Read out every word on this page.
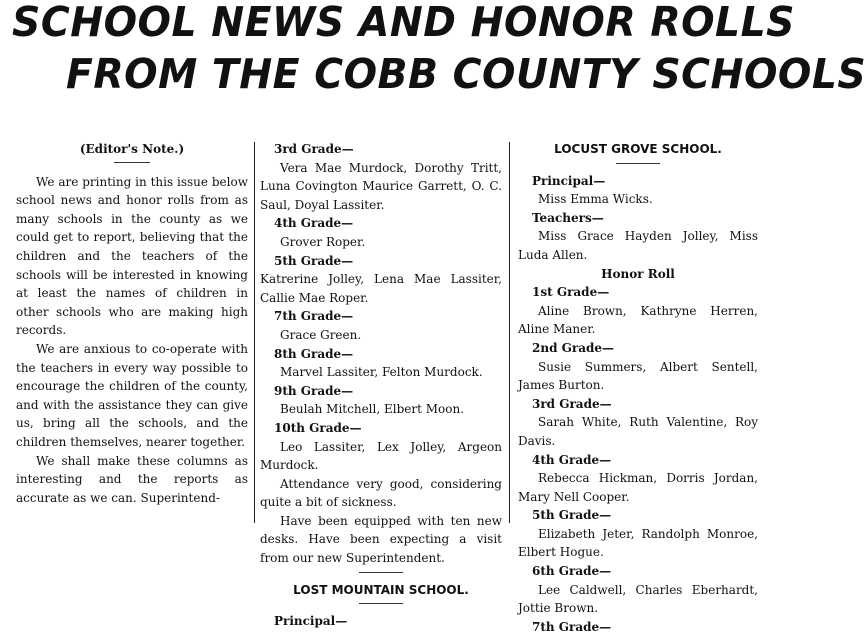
SCHOOL NEWS AND HONOR ROLLS
FROM THE COBB COUNTY SCHOOLS
(Editor's Note.)

We are printing in this issue below school news and honor rolls from as many schools in the county as we could get to report, believing that the children and the teachers of the schools will be interested in knowing at least the names of children in other schools who are making high records.

We are anxious to co-operate with the teachers in every way possible to encourage the children of the county, and with the assistance they can give us, bring all the schools, and the children themselves, nearer together.

We shall make these columns as interesting and the reports as accurate as we can. Superintend-

3rd Grade—

Vera Mae Murdock, Dorothy Tritt, Luna Covington Maurice Garrett, O. C. Saul, Doyal Lassiter.

4th Grade—

Grover Roper.

5th Grade—

Katrerine Jolley, Lena Mae Lassiter, Callie Mae Roper.

7th Grade—

Grace Green.

8th Grade—

Marvel Lassiter, Felton Murdock.

9th Grade—

Beulah Mitchell, Elbert Moon.

10th Grade—

Leo Lassiter, Lex Jolley, Argeon Murdock.

Attendance very good, considering quite a bit of sickness.

Have been equipped with ten new desks. Have been expecting a visit from our new Superintendent.

LOST MOUNTAIN SCHOOL.
Principal—
LOCUST GROVE SCHOOL.
Principal—

Miss Emma Wicks.

Teachers—

Miss Grace Hayden Jolley, Miss Luda Allen.

Honor Roll
1st Grade—

Aline Brown, Kathryne Herren, Aline Maner.

2nd Grade—

Susie Summers, Albert Sentell, James Burton.

3rd Grade—

Sarah White, Ruth Valentine, Roy Davis.

4th Grade—

Rebecca Hickman, Dorris Jordan, Mary Nell Cooper.

5th Grade—

Elizabeth Jeter, Randolph Monroe, Elbert Hogue.

6th Grade—

Lee Caldwell, Charles Eberhardt, Jottie Brown.

7th Grade—
